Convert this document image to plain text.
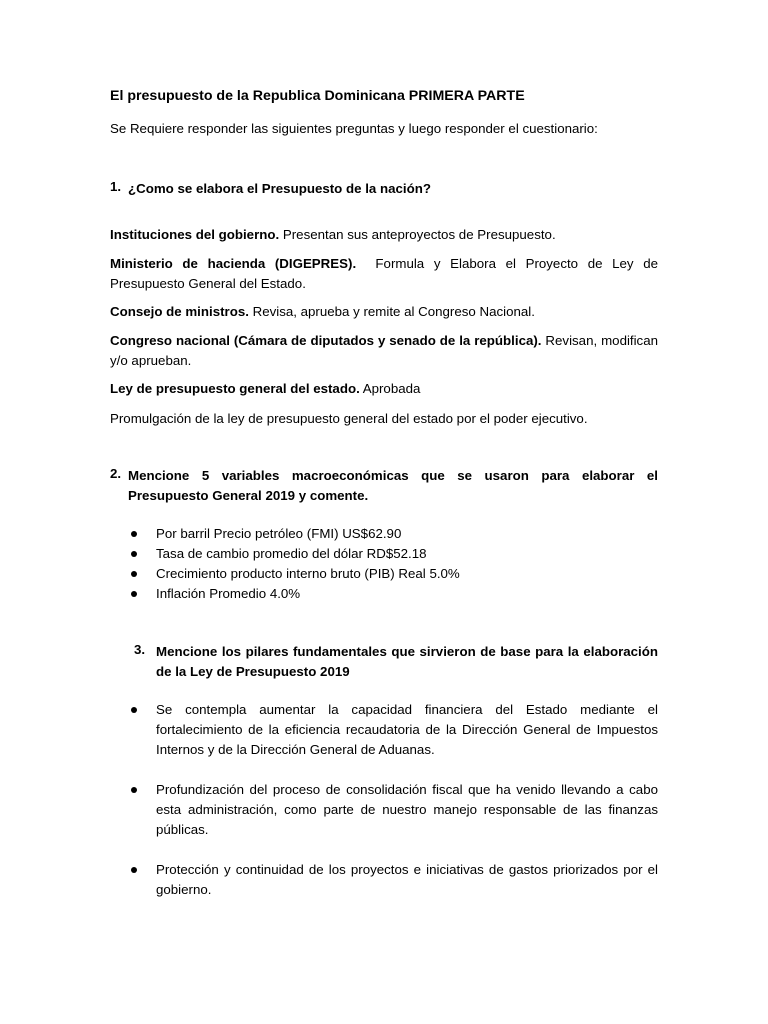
El presupuesto de la Republica Dominicana PRIMERA PARTE

Se Requiere responder las siguientes preguntas y luego responder el cuestionario:

1. ¿Como se elabora el Presupuesto de la nación?

Instituciones del gobierno. Presentan sus anteproyectos de Presupuesto.

Ministerio de hacienda (DIGEPRES).  Formula y Elabora el Proyecto de Ley de Presupuesto General del Estado.

Consejo de ministros. Revisa, aprueba y remite al Congreso Nacional.

Congreso nacional (Cámara de diputados y senado de la república). Revisan, modifican y/o aprueban.

Ley de presupuesto general del estado. Aprobada

Promulgación de la ley de presupuesto general del estado por el poder ejecutivo.

2. Mencione 5 variables macroeconómicas que se usaron para elaborar el Presupuesto General 2019 y comente.
Por barril Precio petróleo (FMI) US$62.90
Tasa de cambio promedio del dólar RD$52.18
Crecimiento producto interno bruto (PIB) Real 5.0%
Inflación Promedio 4.0%
3. Mencione los pilares fundamentales que sirvieron de base para la elaboración de la Ley de Presupuesto 2019
Se contempla aumentar la capacidad financiera del Estado mediante el fortalecimiento de la eficiencia recaudatoria de la Dirección General de Impuestos Internos y de la Dirección General de Aduanas.
Profundización del proceso de consolidación fiscal que ha venido llevando a cabo esta administración, como parte de nuestro manejo responsable de las finanzas públicas.
Protección y continuidad de los proyectos e iniciativas de gastos priorizados por el gobierno.
